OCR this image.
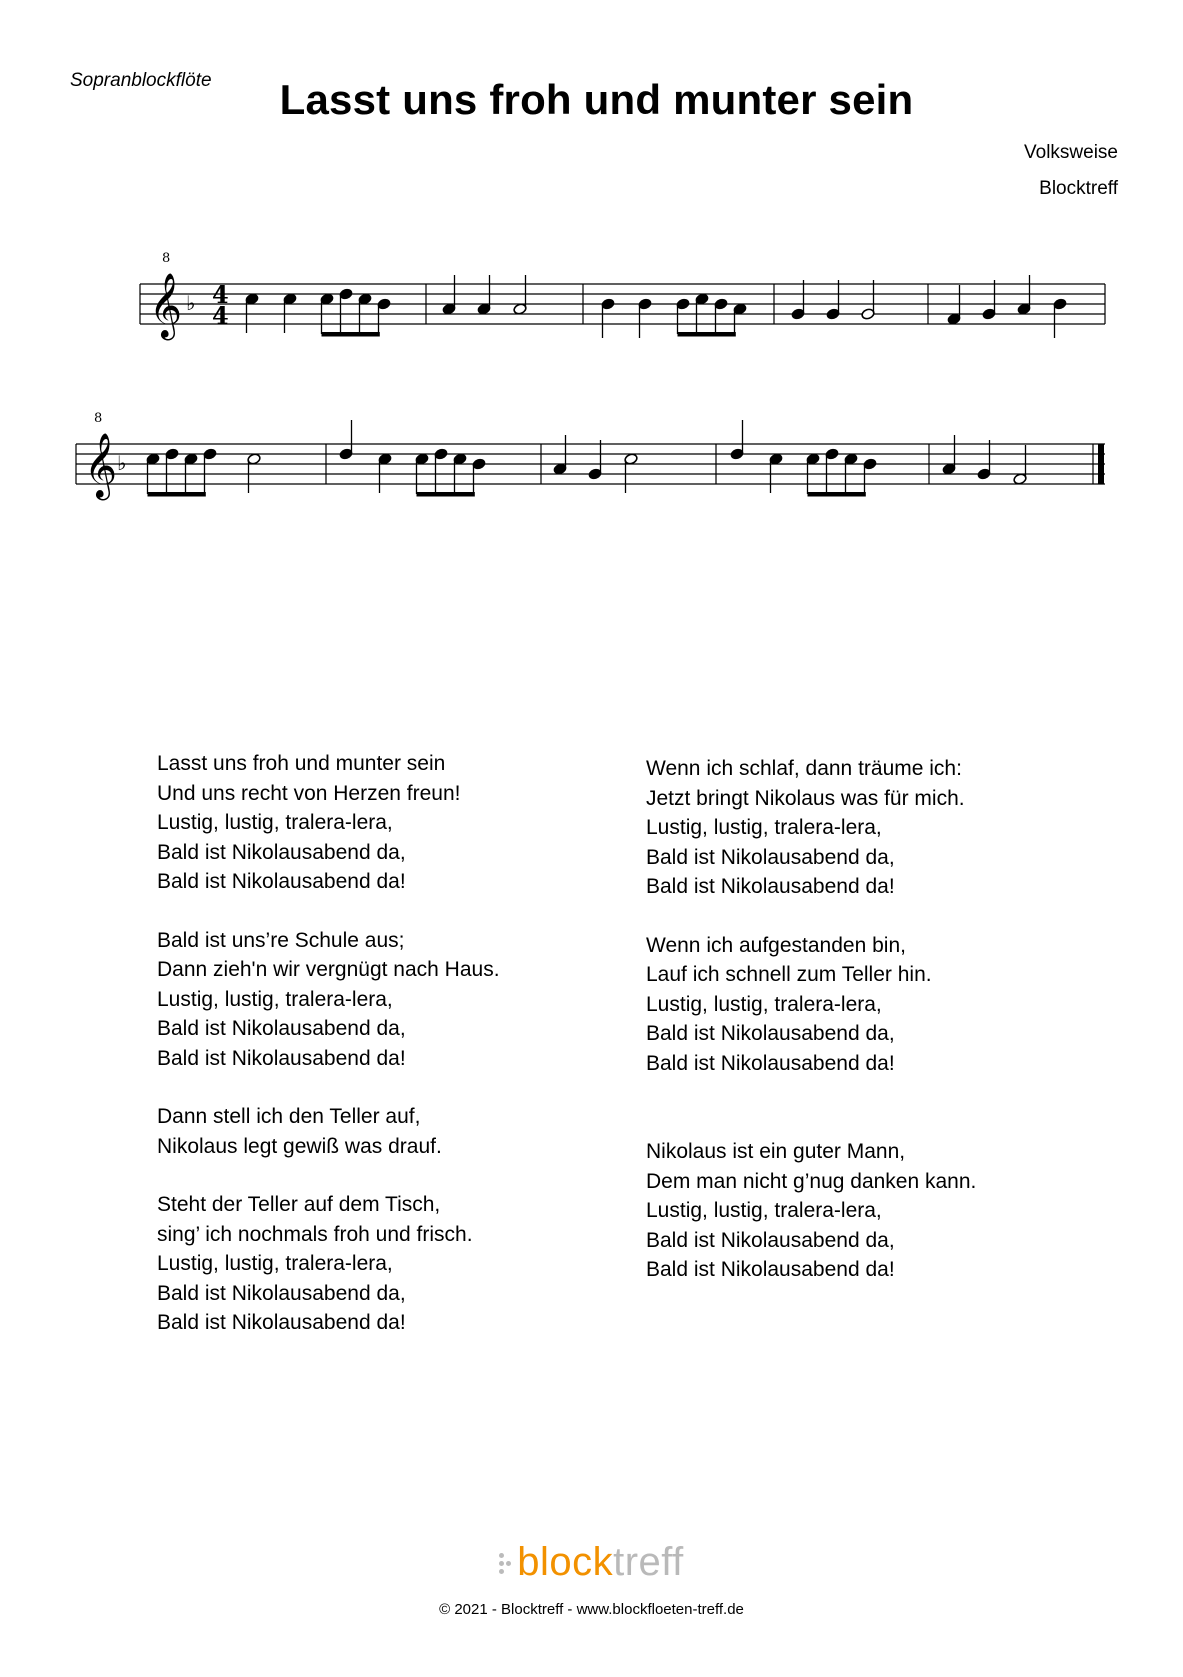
Sopranblockflöte	Lasst uns froh und munter sein
Volksweise
Blocktreff
𝄞
8
♭ 4
4
𝄞
8
♭
Lasst uns froh und munter sein
Und uns recht von Herzen freun!
Lustig, lustig, tralera-lera,
Bald ist Nikolausabend da,
Bald ist Nikolausabend da!
Bald ist uns’re Schule aus;
Dann zieh'n wir vergnügt nach Haus.
Lustig, lustig, tralera-lera,
Bald ist Nikolausabend da,
Bald ist Nikolausabend da!
Dann stell ich den Teller auf,
Nikolaus legt gewiß was drauf.
Steht der Teller auf dem Tisch,
sing’ ich nochmals froh und frisch.
Lustig, lustig, tralera-lera,
Bald ist Nikolausabend da,
Bald ist Nikolausabend da!
Wenn ich schlaf, dann träume ich:
Jetzt bringt Nikolaus was für mich.
Lustig, lustig, tralera-lera,
Bald ist Nikolausabend da,
Bald ist Nikolausabend da!
Wenn ich aufgestanden bin,
Lauf ich schnell zum Teller hin.
Lustig, lustig, tralera-lera,
Bald ist Nikolausabend da,
Bald ist Nikolausabend da!
Nikolaus ist ein guter Mann,
Dem man nicht g’nug danken kann.
Lustig, lustig, tralera-lera,
Bald ist Nikolausabend da,
Bald ist Nikolausabend da!
blocktreff
© 2021 - Blocktreff - www.blockfloeten-treff.de
